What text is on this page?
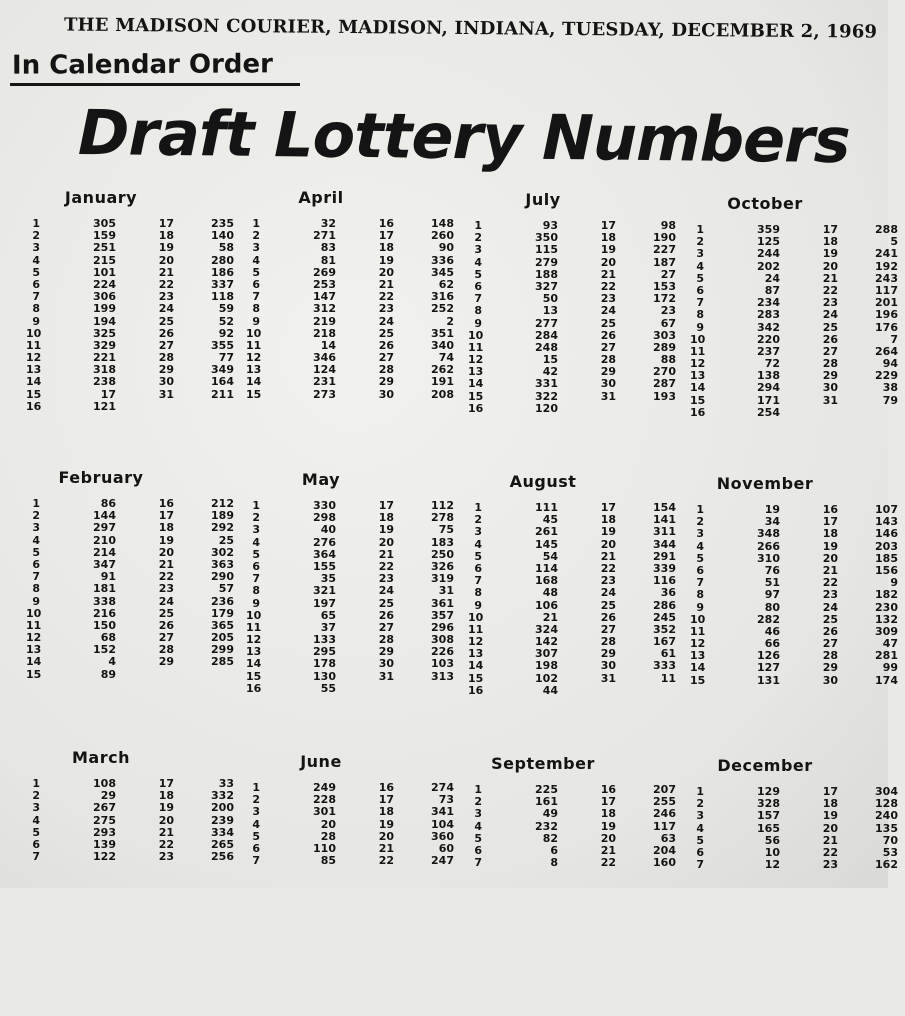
THE MADISON COURIER, MADISON, INDIANA, TUESDAY, DECEMBER 2, 1969
In Calendar Order
Draft Lottery Numbers
January
1	305	17	235
2	159	18	140
3	251	19	58
4	215	20	280
5	101	21	186
6	224	22	337
7	306	23	118
8	199	24	59
9	194	25	52
10	325	26	92
11	329	27	355
12	221	28	77
13	318	29	349
14	238	30	164
15	17	31	211
16	121
April
1	32	16	148
2	271	17	260
3	83	18	90
4	81	19	336
5	269	20	345
6	253	21	62
7	147	22	316
8	312	23	252
9	219	24	2
10	218	25	351
11	14	26	340
12	346	27	74
13	124	28	262
14	231	29	191
15	273	30	208
July
1	93	17	98
2	350	18	190
3	115	19	227
4	279	20	187
5	188	21	27
6	327	22	153
7	50	23	172
8	13	24	23
9	277	25	67
10	284	26	303
11	248	27	289
12	15	28	88
13	42	29	270
14	331	30	287
15	322	31	193
16	120
October
1	359	17	288
2	125	18	5
3	244	19	241
4	202	20	192
5	24	21	243
6	87	22	117
7	234	23	201
8	283	24	196
9	342	25	176
10	220	26	7
11	237	27	264
12	72	28	94
13	138	29	229
14	294	30	38
15	171	31	79
16	254
February
1	86	16	212
2	144	17	189
3	297	18	292
4	210	19	25
5	214	20	302
6	347	21	363
7	91	22	290
8	181	23	57
9	338	24	236
10	216	25	179
11	150	26	365
12	68	27	205
13	152	28	299
14	4	29	285
15	89
May
1	330	17	112
2	298	18	278
3	40	19	75
4	276	20	183
5	364	21	250
6	155	22	326
7	35	23	319
8	321	24	31
9	197	25	361
10	65	26	357
11	37	27	296
12	133	28	308
13	295	29	226
14	178	30	103
15	130	31	313
16	55
August
1	111	17	154
2	45	18	141
3	261	19	311
4	145	20	344
5	54	21	291
6	114	22	339
7	168	23	116
8	48	24	36
9	106	25	286
10	21	26	245
11	324	27	352
12	142	28	167
13	307	29	61
14	198	30	333
15	102	31	11
16	44
November
1	19	16	107
2	34	17	143
3	348	18	146
4	266	19	203
5	310	20	185
6	76	21	156
7	51	22	9
8	97	23	182
9	80	24	230
10	282	25	132
11	46	26	309
12	66	27	47
13	126	28	281
14	127	29	99
15	131	30	174
March
1	108	17	33
2	29	18	332
3	267	19	200
4	275	20	239
5	293	21	334
6	139	22	265
7	122	23	256
June
1	249	16	274
2	228	17	73
3	301	18	341
4	20	19	104
5	28	20	360
6	110	21	60
7	85	22	247
September
1	225	16	207
2	161	17	255
3	49	18	246
4	232	19	117
5	82	20	63
6	6	21	204
7	8	22	160
December
1	129	17	304
2	328	18	128
3	157	19	240
4	165	20	135
5	56	21	70
6	10	22	53
7	12	23	162
